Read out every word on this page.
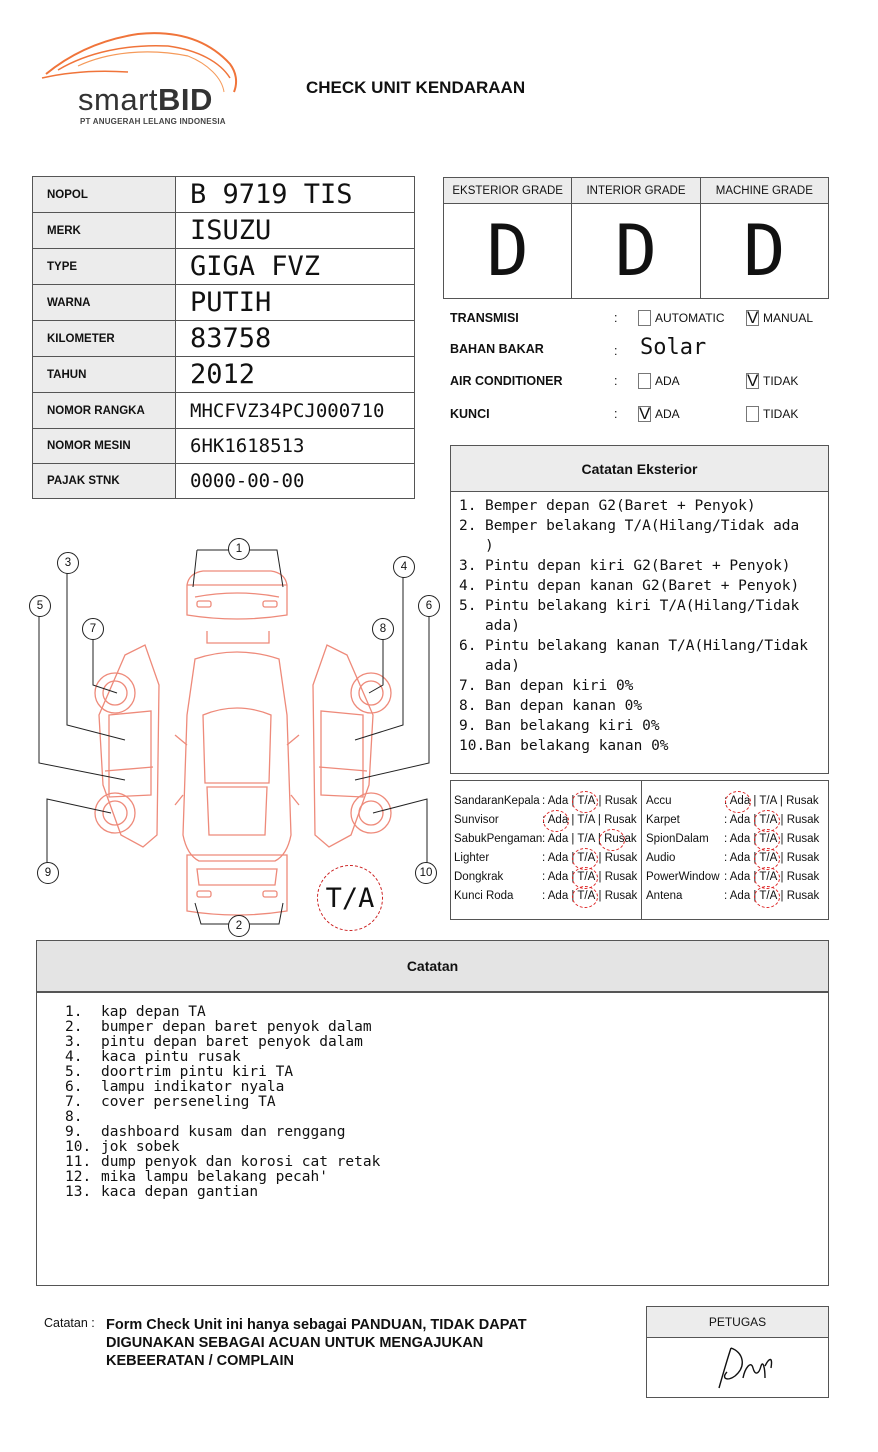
smartBID
PT ANUGERAH LELANG INDONESIA
CHECK UNIT KENDARAAN
NOPOL	B 9719 TIS
MERK	ISUZU
TYPE	GIGA FVZ
WARNA	PUTIH
KILOMETER	83758
TAHUN	2012
NOMOR RANGKA	MHCFVZ34PCJ000710
NOMOR MESIN	6HK1618513
PAJAK STNK	0000-00-00
EKSTERIOR GRADE
D
INTERIOR GRADE
D
MACHINE GRADE
D
TRANSMISI	:	AUTOMATIC V MANUAL
BAHAN BAKAR	: Solar
AIR CONDITIONER	:	ADA	V TIDAK
KUNCI	: V ADA	TIDAK
Catatan Eksterior
1. Bemper depan G2(Baret + Penyok)
2. Bemper belakang T/A(Hilang/Tidak ada )
3. Pintu depan kiri G2(Baret + Penyok)
4. Pintu depan kanan G2(Baret + Penyok)
5. Pintu belakang kiri T/A(Hilang/Tidak ada)
6. Pintu belakang kanan T/A(Hilang/Tidak ada)
7. Ban depan kiri 0%
8. Ban depan kanan 0%
9. Ban belakang kiri 0%
10. Ban belakang kanan 0%
SandaranKepala : Ada | T/A | Rusak
Sunvisor	: Ada | T/A | Rusak
SabukPengaman : Ada | T/A | Rusak
Lighter	: Ada | T/A | Rusak
Dongkrak	: Ada | T/A | Rusak
Kunci Roda : Ada | T/A | Rusak
Accu	: Ada | T/A | Rusak
Karpet	: Ada | T/A | Rusak
SpionDalam : Ada | T/A | Rusak
Audio	: Ada | T/A | Rusak
PowerWindow : Ada | T/A | Rusak
Antena	: Ada | T/A | Rusak
1
2
3	4
5	6
7	8
9	10
T/A
Catatan
1.	kap depan TA
2.	bumper depan baret penyok dalam
3.	pintu depan baret penyok dalam
4.	kaca pintu rusak
5.	doortrim pintu kiri TA
6.	lampu indikator nyala
7.	cover perseneling TA
8.
9.	dashboard kusam dan renggang
10. jok sobek
11. dump penyok dan korosi cat retak
12. mika lampu belakang pecah'
13. kaca depan gantian
Catatan : Form Check Unit ini hanya sebagai PANDUAN, TIDAK DAPAT DIGUNAKAN SEBAGAI ACUAN UNTUK MENGAJUKAN KEBEERATAN / COMPLAIN
PETUGAS
